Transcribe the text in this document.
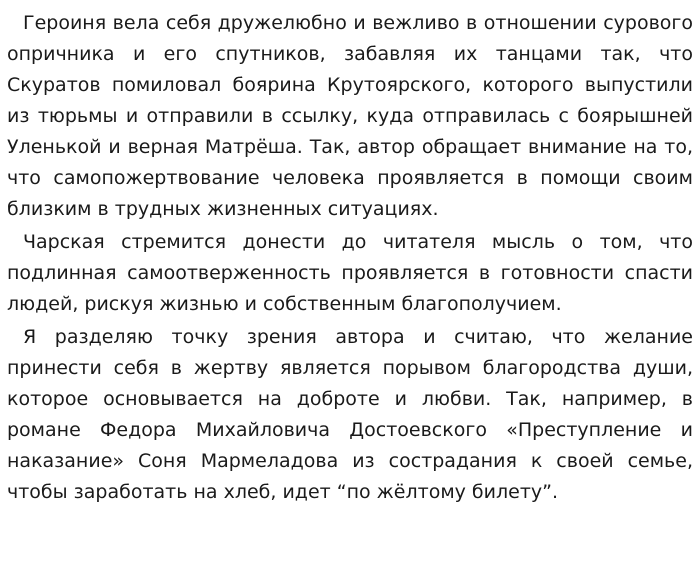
Героиня вела себя дружелюбно и вежливо в отношении сурового опричника и его спутников, забавляя их танцами так, что Скуратов помиловал боярина Крутоярского, которого выпустили из тюрьмы и отправили в ссылку, куда отправилась с боярышней Уленькой и верная Матрёша. Так, автор обращает внимание на то, что самопожертвование человека проявляется в помощи своим близким в трудных жизненных ситуациях.

Чарская стремится донести до читателя мысль о том, что подлинная самоотверженность проявляется в готовности спасти людей, рискуя жизнью и собственным благополучием.

Я разделяю точку зрения автора и считаю, что желание принести себя в жертву является порывом благородства души, которое основывается на доброте и любви. Так, например, в романе Федора Михайловича Достоевского «Преступление и наказание» Соня Мармеладова из сострадания к своей семье, чтобы заработать на хлеб, идет “по жёлтому билету”.
